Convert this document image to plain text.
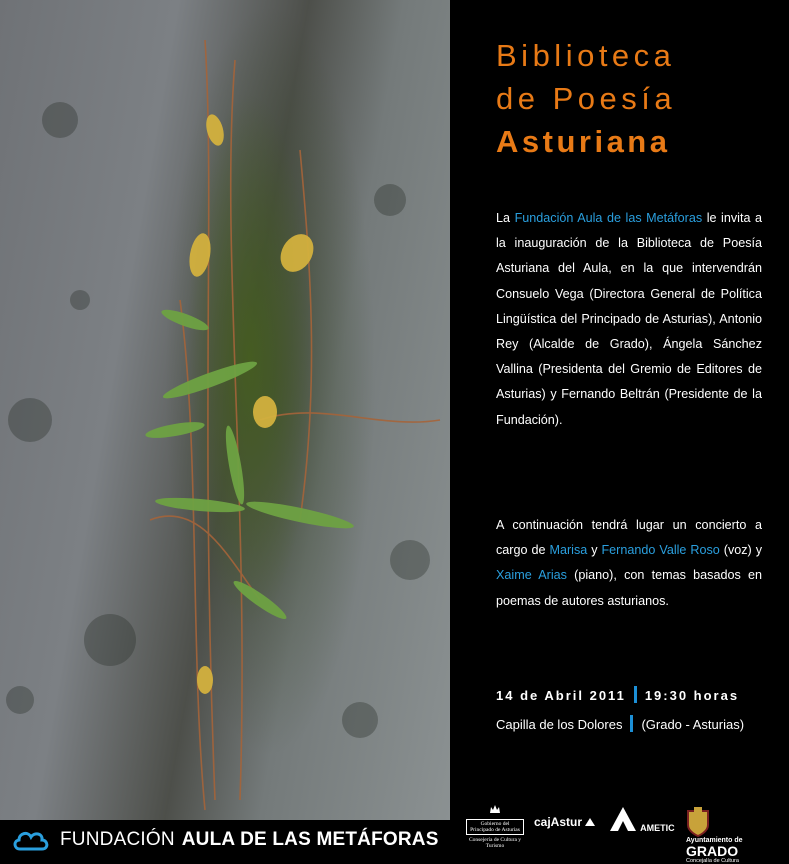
FUNDACIÓN AULA DE LAS METÁFORAS
Biblioteca
de Poesía
Asturiana
La Fundación Aula de las Metáforas le invita a la inauguración de la Biblioteca de Poesía Asturiana del Aula, en la que intervendrán Consuelo Vega (Directora General de Política Lingüística del Principado de Asturias), Antonio Rey (Alcalde de Grado), Ángela Sánchez Vallina (Presidenta del Gremio de Editores de Asturias) y Fernando Beltrán (Presidente de la Fundación).
A continuación tendrá lugar un concierto a cargo de Marisa y Fernando Valle Roso (voz) y Xaime Arias (piano), con temas basados en poemas de autores asturianos.
14 de Abril 2011 19:30 horas
Capilla de los Dolores (Grado - Asturias)
Gobierno del
Principado de Asturias
Consejería de Cultura y Turismo
cajAstur	AMETIC
Ayuntamiento de
GRADO
Concejalía de Cultura
